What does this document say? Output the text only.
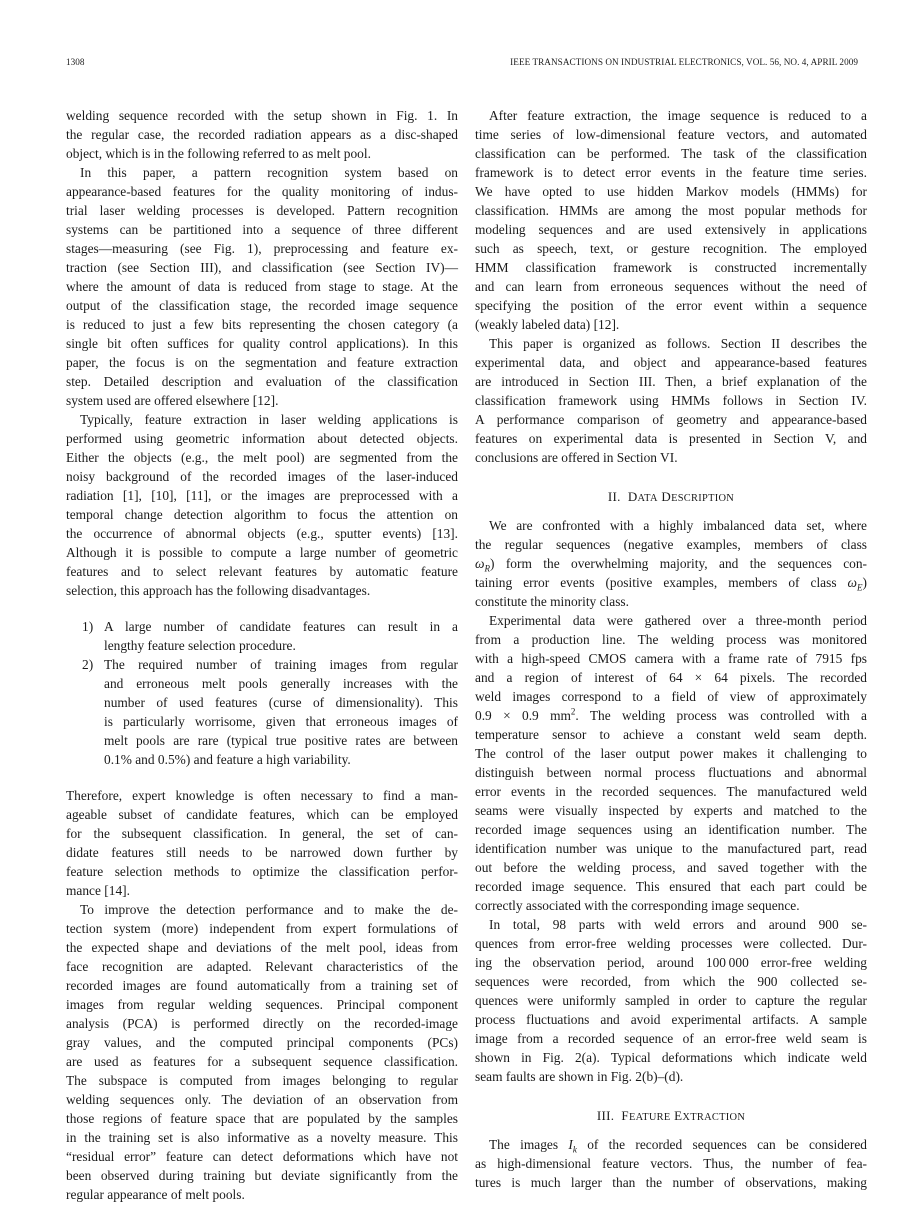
1308	IEEE TRANSACTIONS ON INDUSTRIAL ELECTRONICS, VOL. 56, NO. 4, APRIL 2009
welding sequence recorded with the setup shown in Fig. 1. In
the regular case, the recorded radiation appears as a disc-shaped
object, which is in the following referred to as melt pool.
In this paper, a pattern recognition system based on
appearance-based features for the quality monitoring of indus-
trial laser welding processes is developed. Pattern recognition
systems can be partitioned into a sequence of three different
stages—measuring (see Fig. 1), preprocessing and feature ex-
traction (see Section III), and classification (see Section IV)—
where the amount of data is reduced from stage to stage. At the
output of the classification stage, the recorded image sequence
is reduced to just a few bits representing the chosen category (a
single bit often suffices for quality control applications). In this
paper, the focus is on the segmentation and feature extraction
step. Detailed description and evaluation of the classification
system used are offered elsewhere [12].
Typically, feature extraction in laser welding applications is
performed using geometric information about detected objects.
Either the objects (e.g., the melt pool) are segmented from the
noisy background of the recorded images of the laser-induced
radiation [1], [10], [11], or the images are preprocessed with a
temporal change detection algorithm to focus the attention on
the occurrence of abnormal objects (e.g., sputter events) [13].
Although it is possible to compute a large number of geometric
features and to select relevant features by automatic feature
selection, this approach has the following disadvantages.
1) A large number of candidate features can result in a
lengthy feature selection procedure.
2) The required number of training images from regular
and erroneous melt pools generally increases with the
number of used features (curse of dimensionality). This
is particularly worrisome, given that erroneous images of
melt pools are rare (typical true positive rates are between
0.1% and 0.5%) and feature a high variability.
Therefore, expert knowledge is often necessary to find a man-
ageable subset of candidate features, which can be employed
for the subsequent classification. In general, the set of can-
didate features still needs to be narrowed down further by
feature selection methods to optimize the classification perfor-
mance [14].
To improve the detection performance and to make the de-
tection system (more) independent from expert formulations of
the expected shape and deviations of the melt pool, ideas from
face recognition are adapted. Relevant characteristics of the
recorded images are found automatically from a training set of
images from regular welding sequences. Principal component
analysis (PCA) is performed directly on the recorded-image
gray values, and the computed principal components (PCs)
are used as features for a subsequent sequence classification.
The subspace is computed from images belonging to regular
welding sequences only. The deviation of an observation from
those regions of feature space that are populated by the samples
in the training set is also informative as a novelty measure. This
“residual error” feature can detect deformations which have not
been observed during training but deviate significantly from the
regular appearance of melt pools.
After feature extraction, the image sequence is reduced to a
time series of low-dimensional feature vectors, and automated
classification can be performed. The task of the classification
framework is to detect error events in the feature time series.
We have opted to use hidden Markov models (HMMs) for
classification. HMMs are among the most popular methods for
modeling sequences and are used extensively in applications
such as speech, text, or gesture recognition. The employed
HMM classification framework is constructed incrementally
and can learn from erroneous sequences without the need of
specifying the position of the error event within a sequence
(weakly labeled data) [12].
This paper is organized as follows. Section II describes the
experimental data, and object and appearance-based features
are introduced in Section III. Then, a brief explanation of the
classification framework using HMMs follows in Section IV.
A performance comparison of geometry and appearance-based
features on experimental data is presented in Section V, and
conclusions are offered in Section VI.
II. DATA DESCRIPTION
We are confronted with a highly imbalanced data set, where
the regular sequences (negative examples, members of class
$\omega_R$) form the overwhelming majority, and the sequences con-
taining error events (positive examples, members of class $\omega_E$)
constitute the minority class.
Experimental data were gathered over a three-month period
from a production line. The welding process was monitored
with a high-speed CMOS camera with a frame rate of 7915 fps
and a region of interest of 64 × 64 pixels. The recorded
weld images correspond to a field of view of approximately
0.9 × 0.9 $mm^2$. The welding process was controlled with a
temperature sensor to achieve a constant weld seam depth.
The control of the laser output power makes it challenging to
distinguish between normal process fluctuations and abnormal
error events in the recorded sequences. The manufactured weld
seams were visually inspected by experts and matched to the
recorded image sequences using an identification number. The
identification number was unique to the manufactured part, read
out before the welding process, and saved together with the
recorded image sequence. This ensured that each part could be
correctly associated with the corresponding image sequence.
In total, 98 parts with weld errors and around 900 se-
quences from error-free welding processes were collected. Dur-
ing the observation period, around 100 000 error-free welding
sequences were recorded, from which the 900 collected se-
quences were uniformly sampled in order to capture the regular
process fluctuations and avoid experimental artifacts. A sample
image from a recorded sequence of an error-free weld seam is
shown in Fig. 2(a). Typical deformations which indicate weld
seam faults are shown in Fig. 2(b)–(d).
III. FEATURE EXTRACTION
The images $I_k$ of the recorded sequences can be considered
as high-dimensional feature vectors. Thus, the number of fea-
tures is much larger than the number of observations, making
